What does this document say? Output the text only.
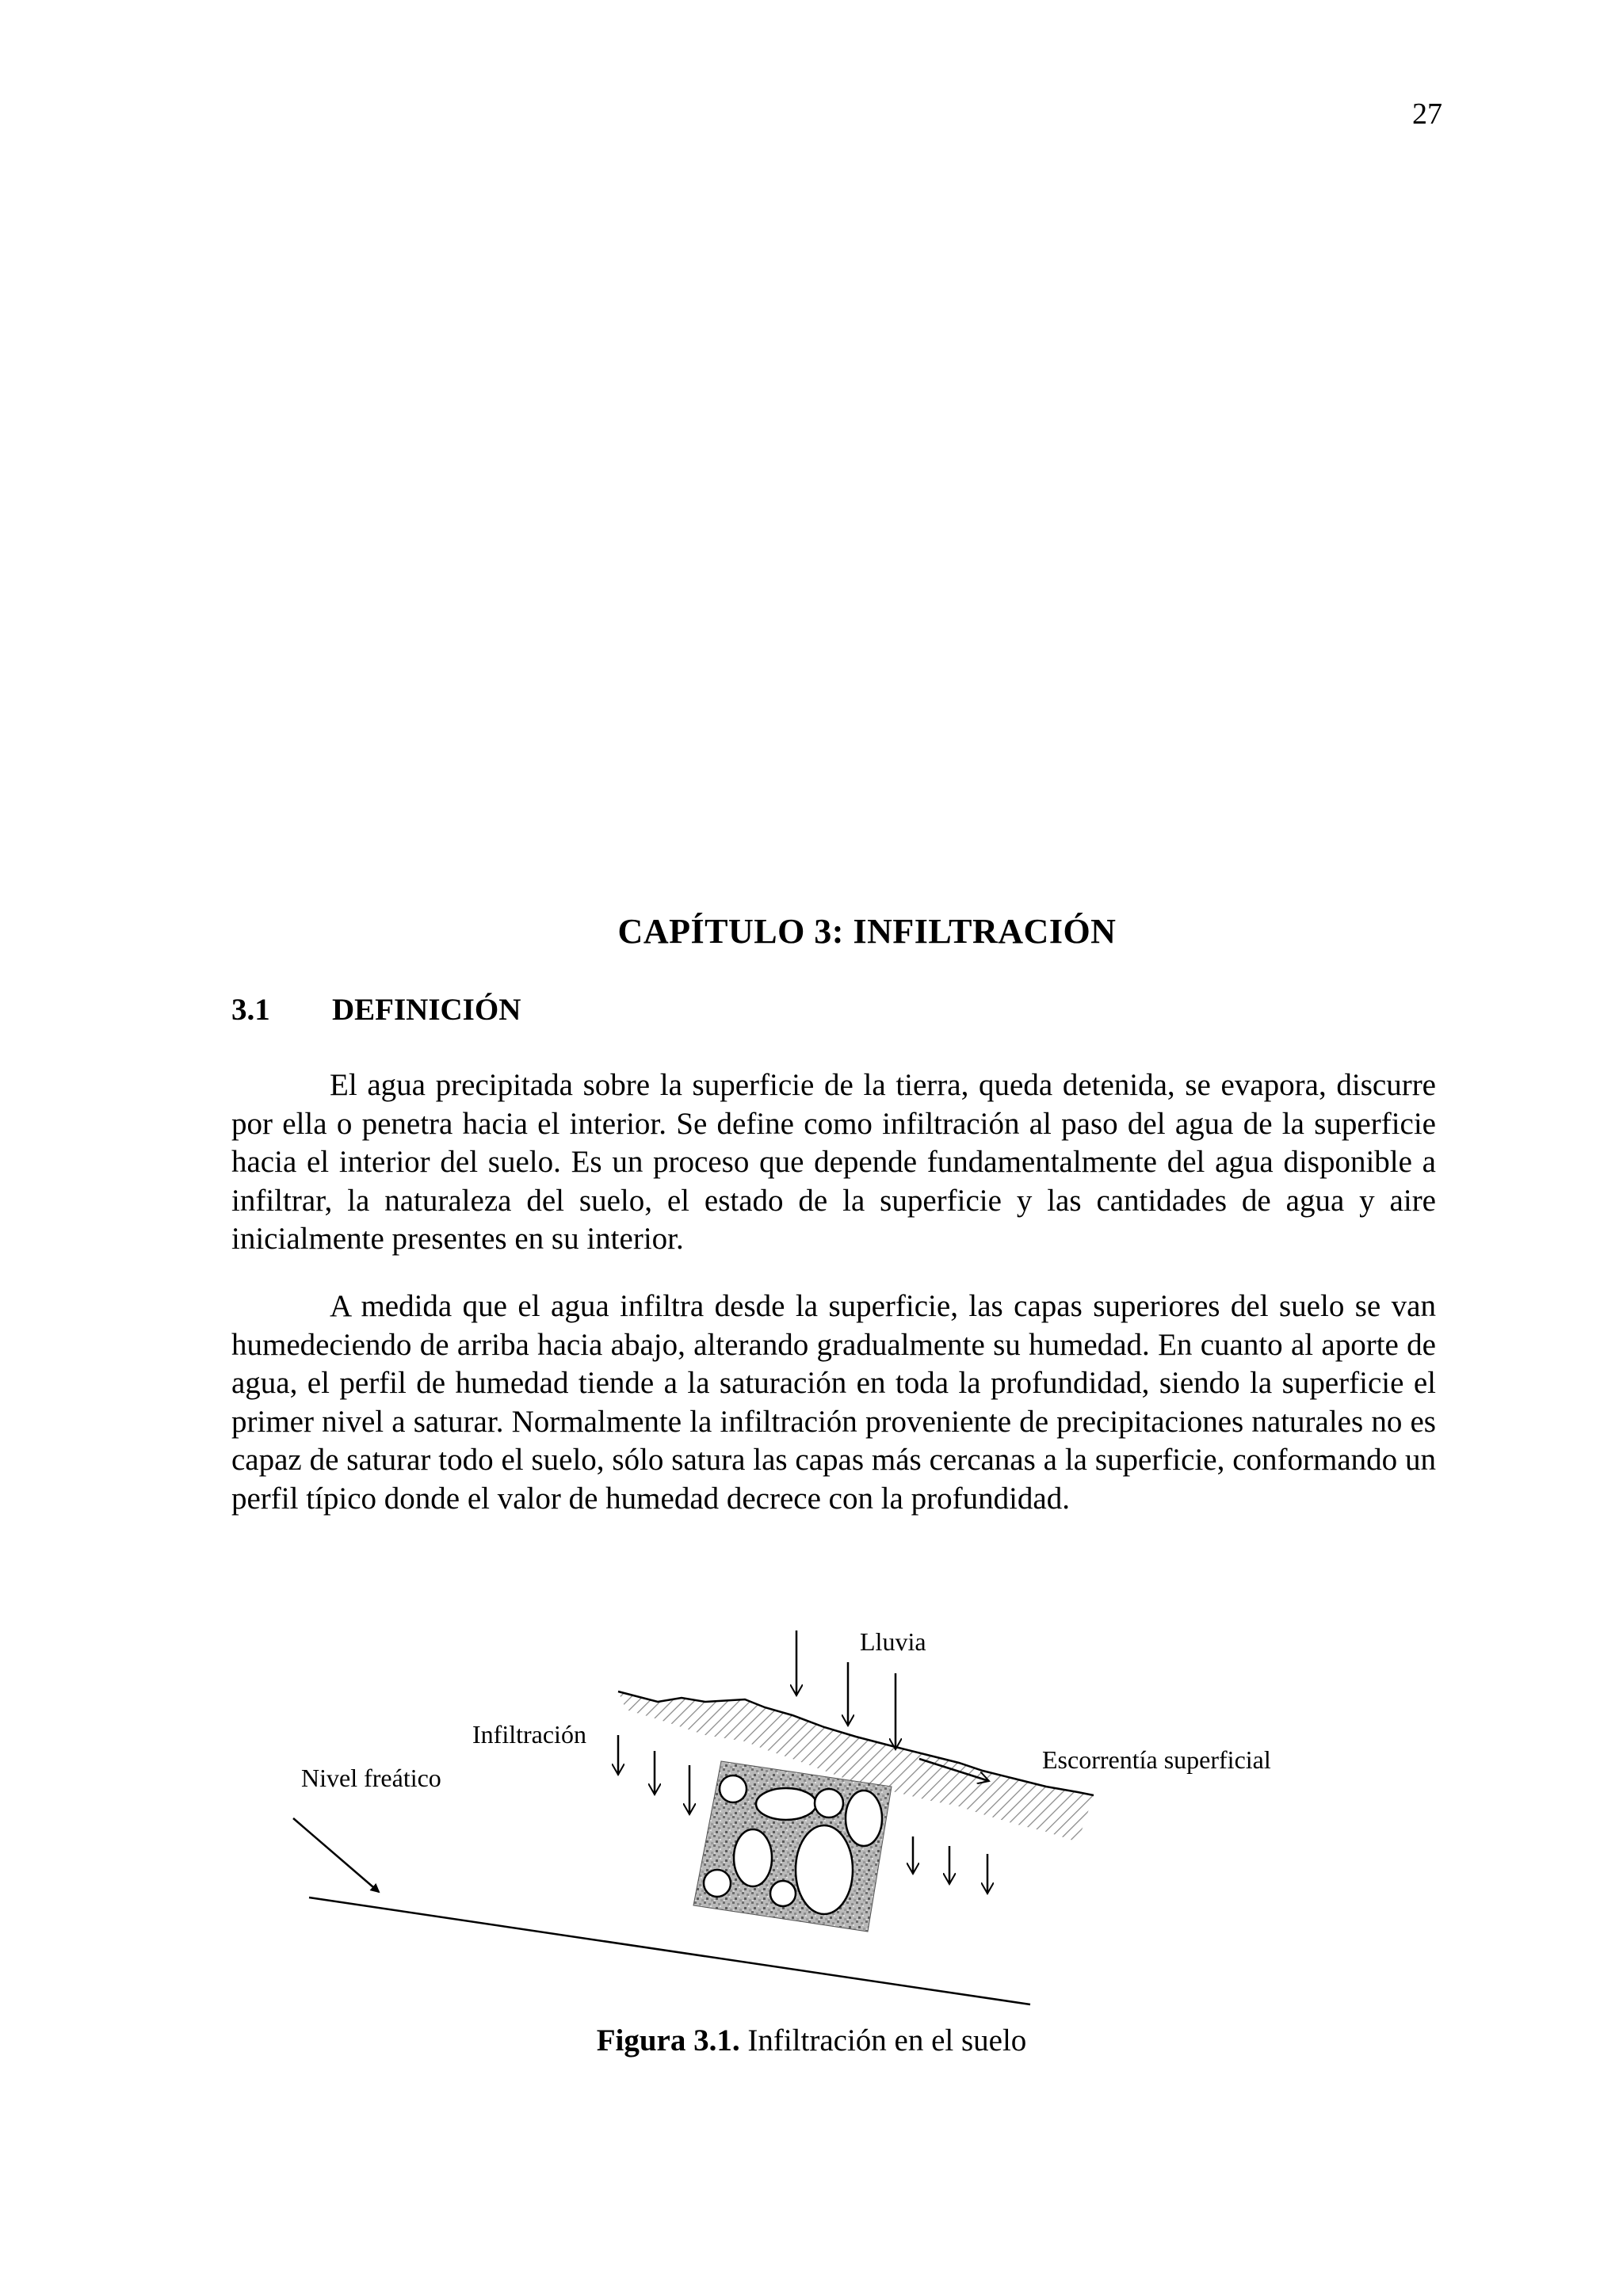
27
CAPÍTULO 3: INFILTRACIÓN
3.1 DEFINICIÓN

El agua precipitada sobre la superficie de la tierra, queda detenida, se evapora, discurre por ella o penetra hacia el interior. Se define como infiltración al paso del agua de la superficie hacia el interior del suelo. Es un proceso que depende fundamentalmente del agua disponible a infiltrar, la naturaleza del suelo, el estado de la superficie y las cantidades de agua y aire inicialmente presentes en su interior.

A medida que el agua infiltra desde la superficie, las capas superiores del suelo se van humedeciendo de arriba hacia abajo, alterando gradualmente su humedad. En cuanto al aporte de agua, el perfil de humedad tiende a la saturación en toda la profundidad, siendo la superficie el primer nivel a saturar. Normalmente la infiltración proveniente de precipitaciones naturales no es capaz de saturar todo el suelo, sólo satura las capas más cercanas a la superficie, conformando un perfil típico donde el valor de humedad decrece con la profundidad.

Lluvia
Infiltración
Escorrentía superficial
Nivel freático
Figura 3.1. Infiltración en el suelo
